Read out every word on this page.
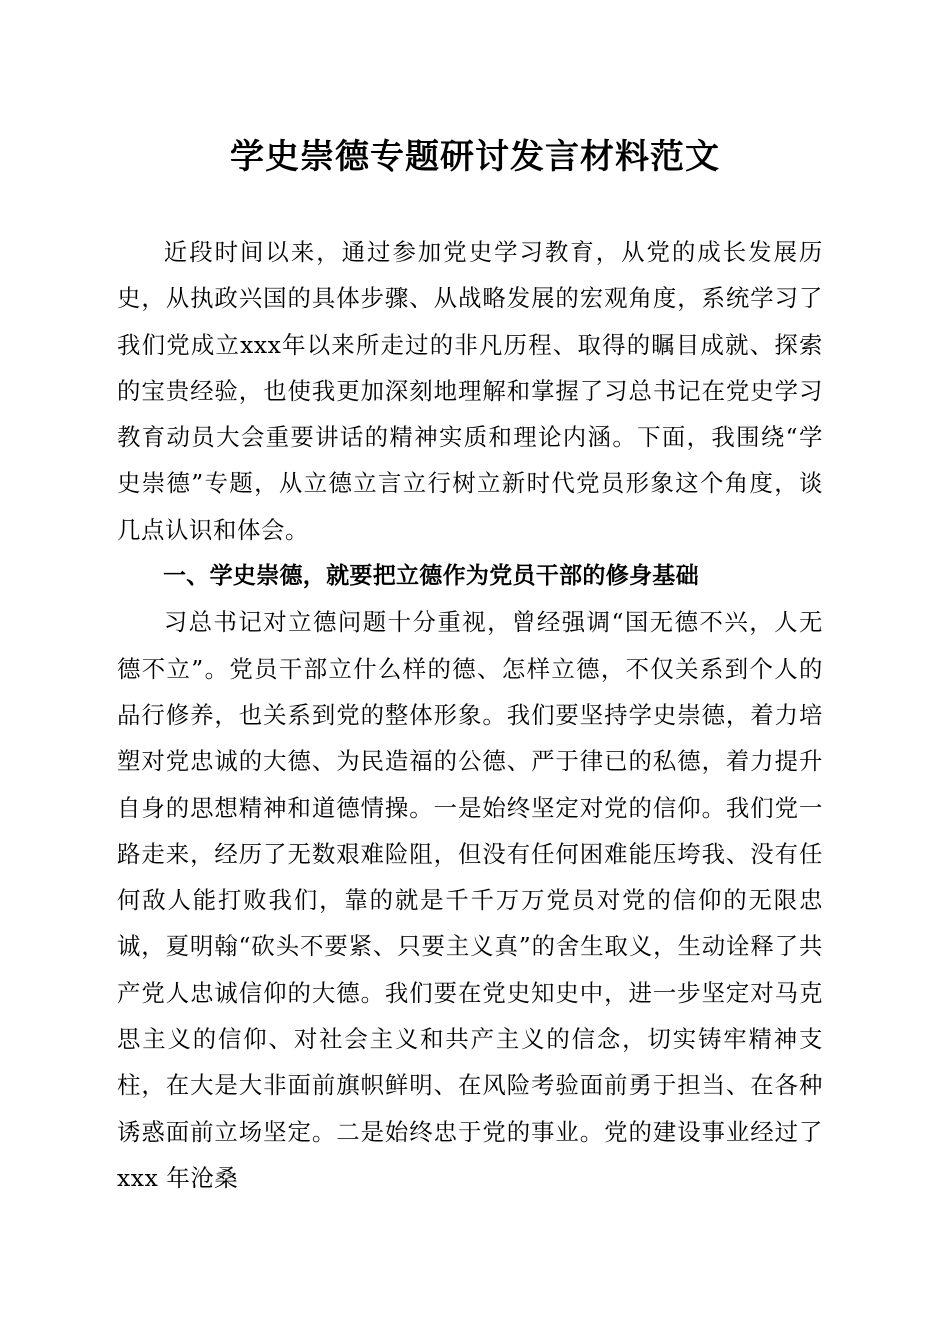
学史崇德专题研讨发言材料范文

近段时间以来，通过参加党史学习教育，从党的成长发展历史，从执政兴国的具体步骤、从战略发展的宏观角度，系统学习了我们党成立xxx年以来所走过的非凡历程、取得的瞩目成就、探索的宝贵经验，也使我更加深刻地理解和掌握了习总书记在党史学习教育动员大会重要讲话的精神实质和理论内涵。下面，我围绕“学史崇德”专题，从立德立言立行树立新时代党员形象这个角度，谈几点认识和体会。

一、学史崇德，就要把立德作为党员干部的修身基础

习总书记对立德问题十分重视，曾经强调“国无德不兴，人无德不立”。党员干部立什么样的德、怎样立德，不仅关系到个人的品行修养，也关系到党的整体形象。我们要坚持学史崇德，着力培塑对党忠诚的大德、为民造福的公德、严于律已的私德，着力提升自身的思想精神和道德情操。一是始终坚定对党的信仰。我们党一路走来，经历了无数艰难险阻，但没有任何困难能压垮我、没有任何敌人能打败我们，靠的就是千千万万党员对党的信仰的无限忠诚，夏明翰“砍头不要紧、只要主义真”的舍生取义，生动诠释了共产党人忠诚信仰的大德。我们要在党史知史中，进一步坚定对马克思主义的信仰、对社会主义和共产主义的信念，切实铸牢精神支柱，在大是大非面前旗帜鲜明、在风险考验面前勇于担当、在各种诱惑面前立场坚定。二是始终忠于党的事业。党的建设事业经过了 xxx 年沧桑
